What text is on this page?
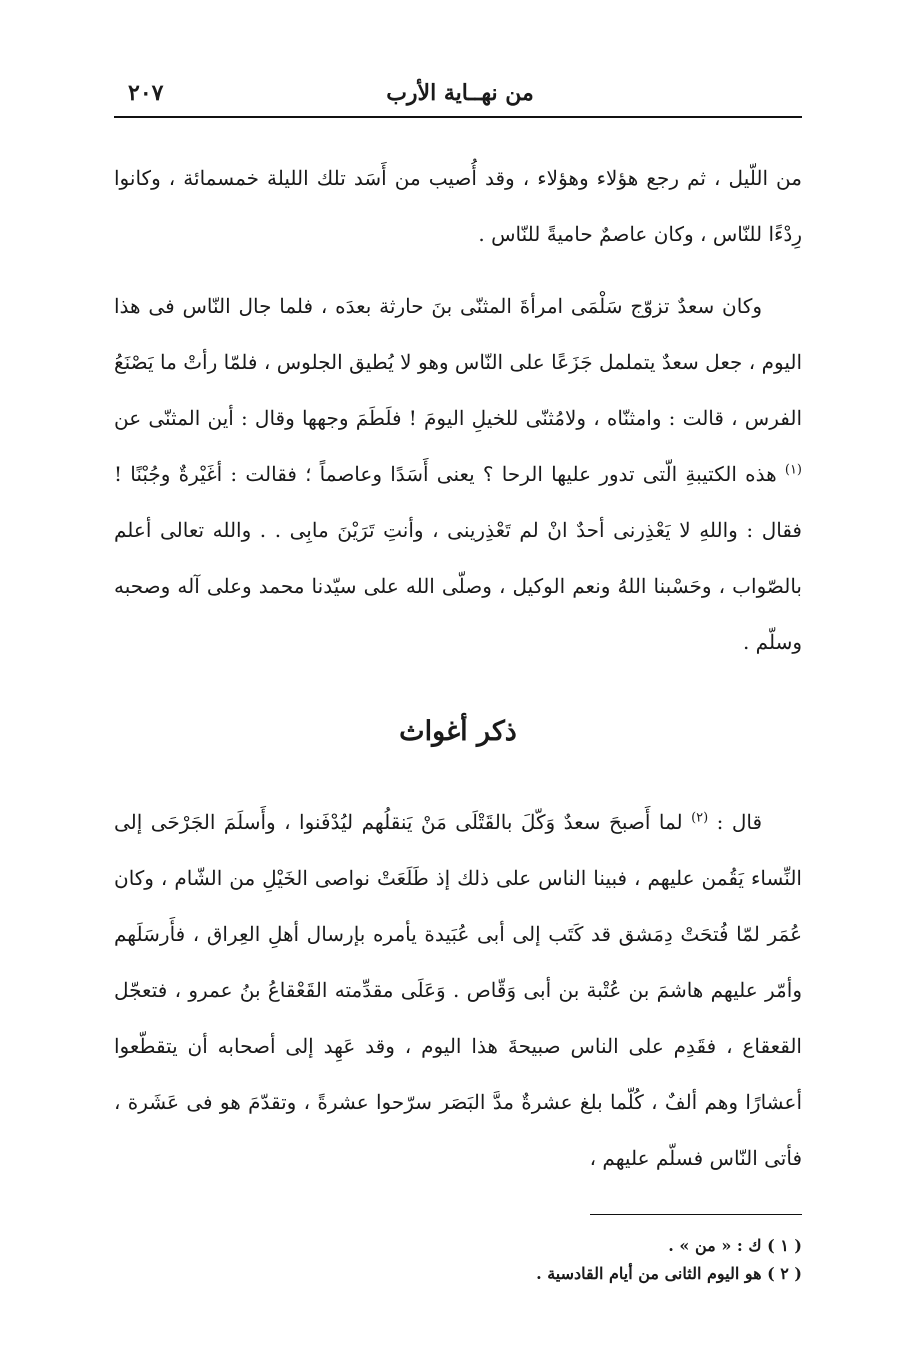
٢٠٧	من نهــاية الأرب

من اللّيل ، ثم رجع هؤلاء وهؤلاء ، وقد أُصيب من أَسَد تلك الليلة خمسمائة ، وكانوا رِدْءًا للنّاس ، وكان عاصمٌ حاميةً للنّاس .

وكان سعدٌ تزوّج سَلْمَى امرأةَ المثنّى بنَ حارثة بعدَه ، فلما جال النّاس فى هذا اليوم ، جعل سعدٌ يتململ جَزَعًا على النّاس وهو لا يُطيق الجلوس ، فلمّا رأتْ ما يَصْنَعُ الفرس ، قالت : وامثنّاه ، ولامُثنّى للخيلِ اليومَ ! فلَطَمَ وجهها وقال : أين المثنّى عن $^{(١)}$ هذه الكتيبةِ الّتى تدور عليها الرحا ؟ يعنى أَسَدًا وعاصماً ؛ فقالت : أغَيْرةٌ وجُبْنًا ! فقال : واللهِ لا يَعْذِرنى أحدٌ انْ لم تَعْذِرينى ، وأنتِ تَرَيْنَ مابِى . . والله تعالى أعلم بالصّواب ، وحَسْبنا اللهُ ونعم الوكيل ، وصلّى الله على سيّدنا محمد وعلى آله وصحبه وسلّم .

ذكر أغواث

قال : $^{(٢)}$ لما أَصبحَ سعدٌ وَكّلَ بالقَتْلَى مَنْ يَنقلُهم ليُدْفَنوا ، وأَسلَمَ الجَرْحَى إلى النِّساء يَقُمن عليهم ، فبينا الناس على ذلك إذ طَلَعَتْ نواصى الخَيْلِ من الشّام ، وكان عُمَر لمّا فُتحَتْ دِمَشق قد كَتَب إلى أبى عُبَيدة يأمره بإرسال أهلِ العِراق ، فأَرسَلَهم وأمّر عليهم هاشمَ بن عُتْبة بن أبى وَقّاص . وَعَلَى مقدِّمته القَعْقاعُ بنُ عمرو ، فتعجّل القعقاع ، فقَدِم على الناس صبيحةَ هذا اليوم ، وقد عَهِد إلى أصحابه أن يتقطّعوا أعشارًا وهم ألفٌ ، كُلّما بلغ عشرةٌ مدَّ البَصَر سرّحوا عشرةً ، وتقدّمَ هو فى عَشَرة ، فأتى النّاس فسلّم عليهم ،

( ١ ) ك : « من » .
( ٢ ) هو اليوم الثانى من أيام القادسية .
